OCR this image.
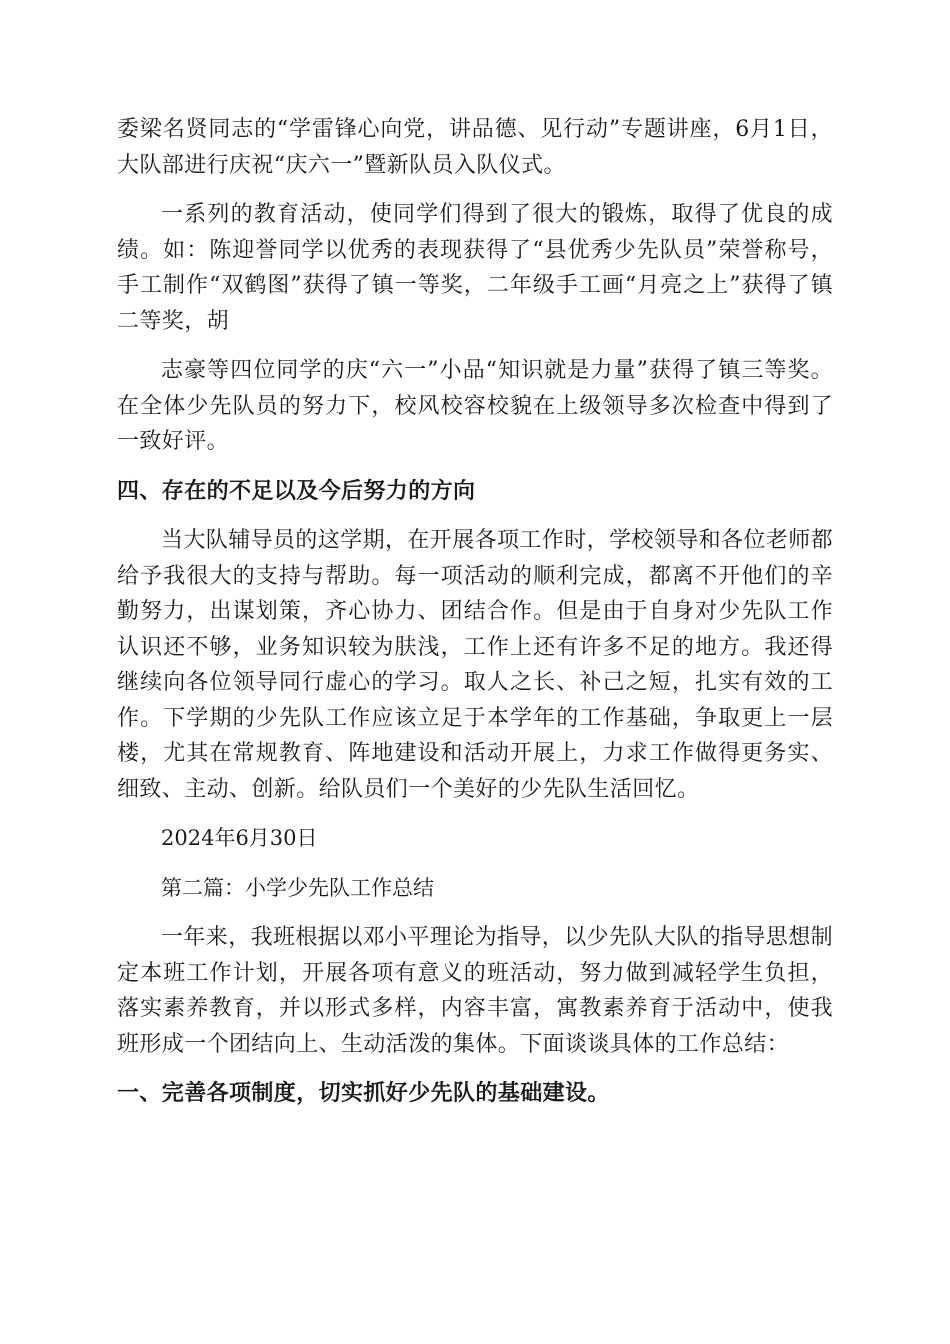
委梁名贤同志的“学雷锋心向党，讲品德、见行动”专题讲座，6月1日，大队部进行庆祝“庆六一”暨新队员入队仪式。

一系列的教育活动，使同学们得到了很大的锻炼，取得了优良的成绩。如：陈迎誉同学以优秀的表现获得了“县优秀少先队员”荣誉称号，手工制作“双鹤图”获得了镇一等奖，二年级手工画“月亮之上”获得了镇二等奖，胡

志豪等四位同学的庆“六一”小品“知识就是力量”获得了镇三等奖。在全体少先队员的努力下，校风校容校貌在上级领导多次检查中得到了一致好评。

四、存在的不足以及今后努力的方向

当大队辅导员的这学期，在开展各项工作时，学校领导和各位老师都给予我很大的支持与帮助。每一项活动的顺利完成，都离不开他们的辛勤努力，出谋划策，齐心协力、团结合作。但是由于自身对少先队工作认识还不够，业务知识较为肤浅，工作上还有许多不足的地方。我还得继续向各位领导同行虚心的学习。取人之长、补己之短，扎实有效的工作。下学期的少先队工作应该立足于本学年的工作基础，争取更上一层楼，尤其在常规教育、阵地建设和活动开展上，力求工作做得更务实、细致、主动、创新。给队员们一个美好的少先队生活回忆。

2024年6月30日

第二篇：小学少先队工作总结

一年来，我班根据以邓小平理论为指导，以少先队大队的指导思想制定本班工作计划，开展各项有意义的班活动，努力做到减轻学生负担，落实素养教育，并以形式多样，内容丰富，寓教素养育于活动中，使我班形成一个团结向上、生动活泼的集体。下面谈谈具体的工作总结：

一、完善各项制度，切实抓好少先队的基础建设。
